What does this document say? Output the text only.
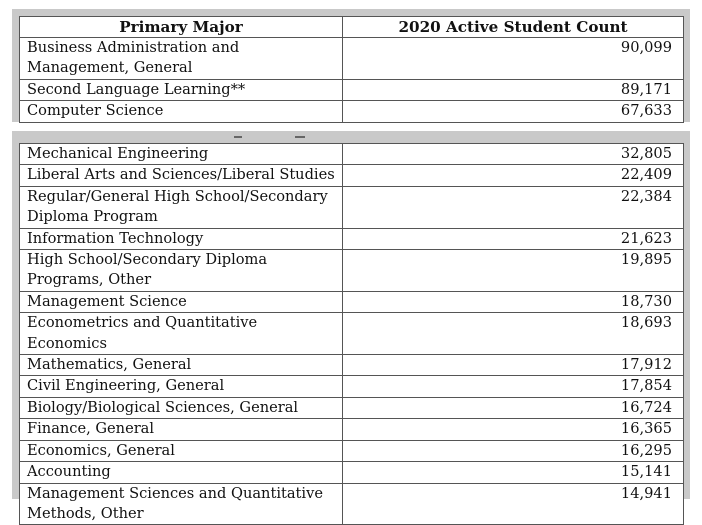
Primary Major	2020 Active Student Count
Business Administration and Management, General	90,099
Second Language Learning**	89,171
Computer Science	67,633
Mechanical Engineering	32,805
Liberal Arts and Sciences/Liberal Studies	22,409
Regular/General High School/Secondary Diploma Program	22,384
Information Technology	21,623
High School/Secondary Diploma Programs, Other	19,895
Management Science	18,730
Econometrics and Quantitative Economics	18,693
Mathematics, General	17,912
Civil Engineering, General	17,854
Biology/Biological Sciences, General	16,724
Finance, General	16,365
Economics, General	16,295
Accounting	15,141
Management Sciences and Quantitative Methods, Other	14,941
